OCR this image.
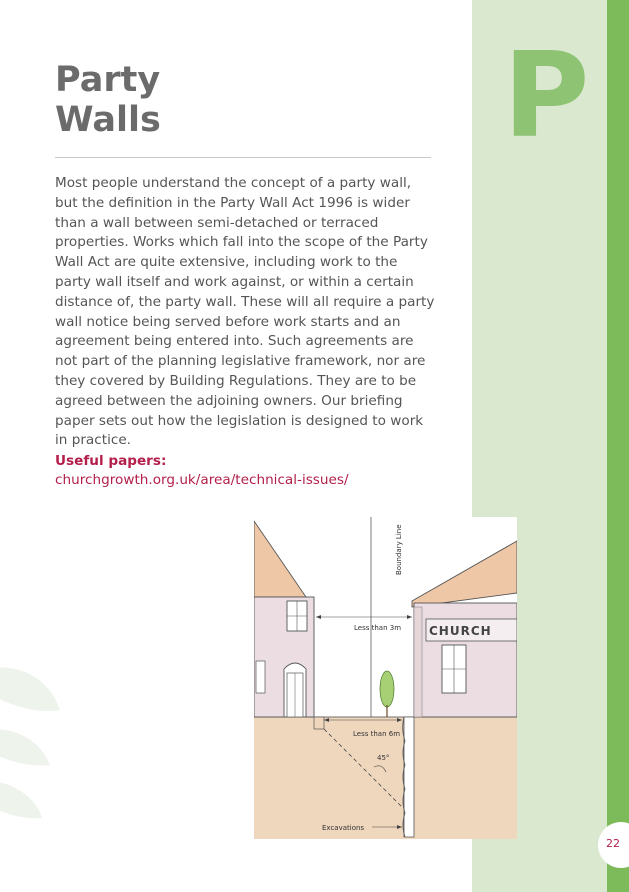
P
Party
Walls

Most people understand the concept of a party wall, but the definition in the Party Wall Act 1996 is wider than a wall between semi-detached or terraced properties. Works which fall into the scope of the Party Wall Act are quite extensive, including work to the party wall itself and work against, or within a certain distance of, the party wall. These will all require a party wall notice being served before work starts and an agreement being entered into. Such agreements are not part of the planning legislative framework, nor are they covered by Building Regulations. They are to be agreed between the adjoining owners. Our briefing paper sets out how the legislation is designed to work in practice.

Useful papers:
churchgrowth.org.uk/area/technical-issues/
CHURCH
Boundary Line
Less than 3m
Less than 6m
45°
Excavations
22
